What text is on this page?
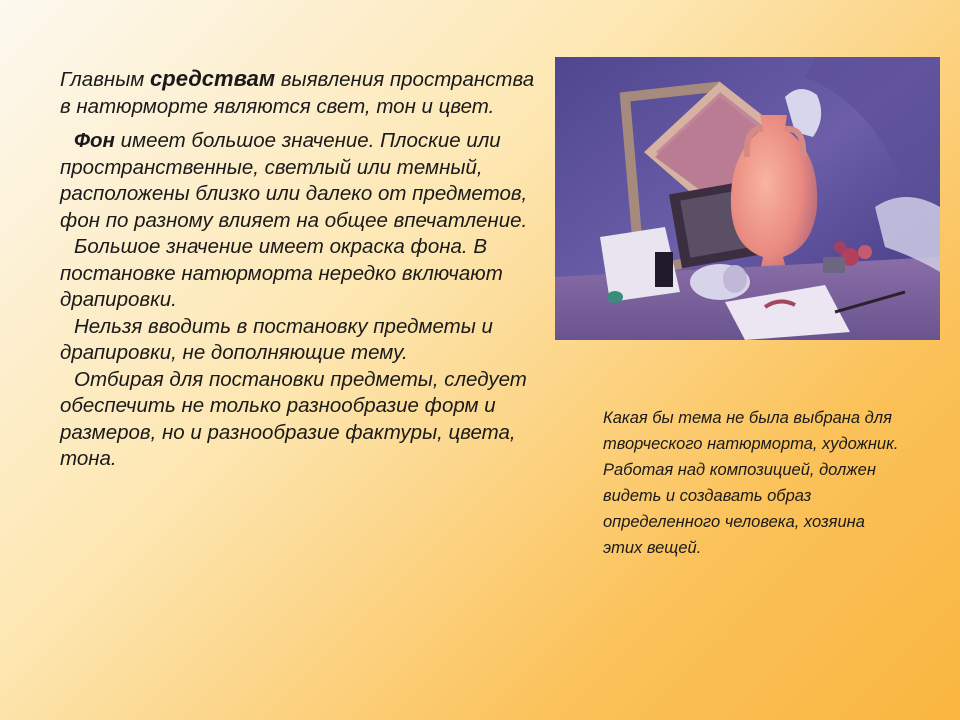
Главным средствам выявления пространства в натюрморте являются свет, тон и цвет.

Фон имеет большое значение. Плоские или пространственные, светлый или темный, расположены близко или далеко от предметов, фон по разному влияет на общее впечатление.

Большое значение имеет окраска фона. В постановке натюрморта нередко включают драпировки.

Нельзя вводить в постановку предметы и драпировки, не дополняющие тему.

Отбирая для постановки предметы, следует обеспечить не только разнообразие форм и размеров, но и разнообразие фактуры, цвета, тона.

Какая бы тема не была выбрана для творческого натюрморта, художник. Работая над композицией, должен видеть и создавать образ определенного человека, хозяина этих вещей.
